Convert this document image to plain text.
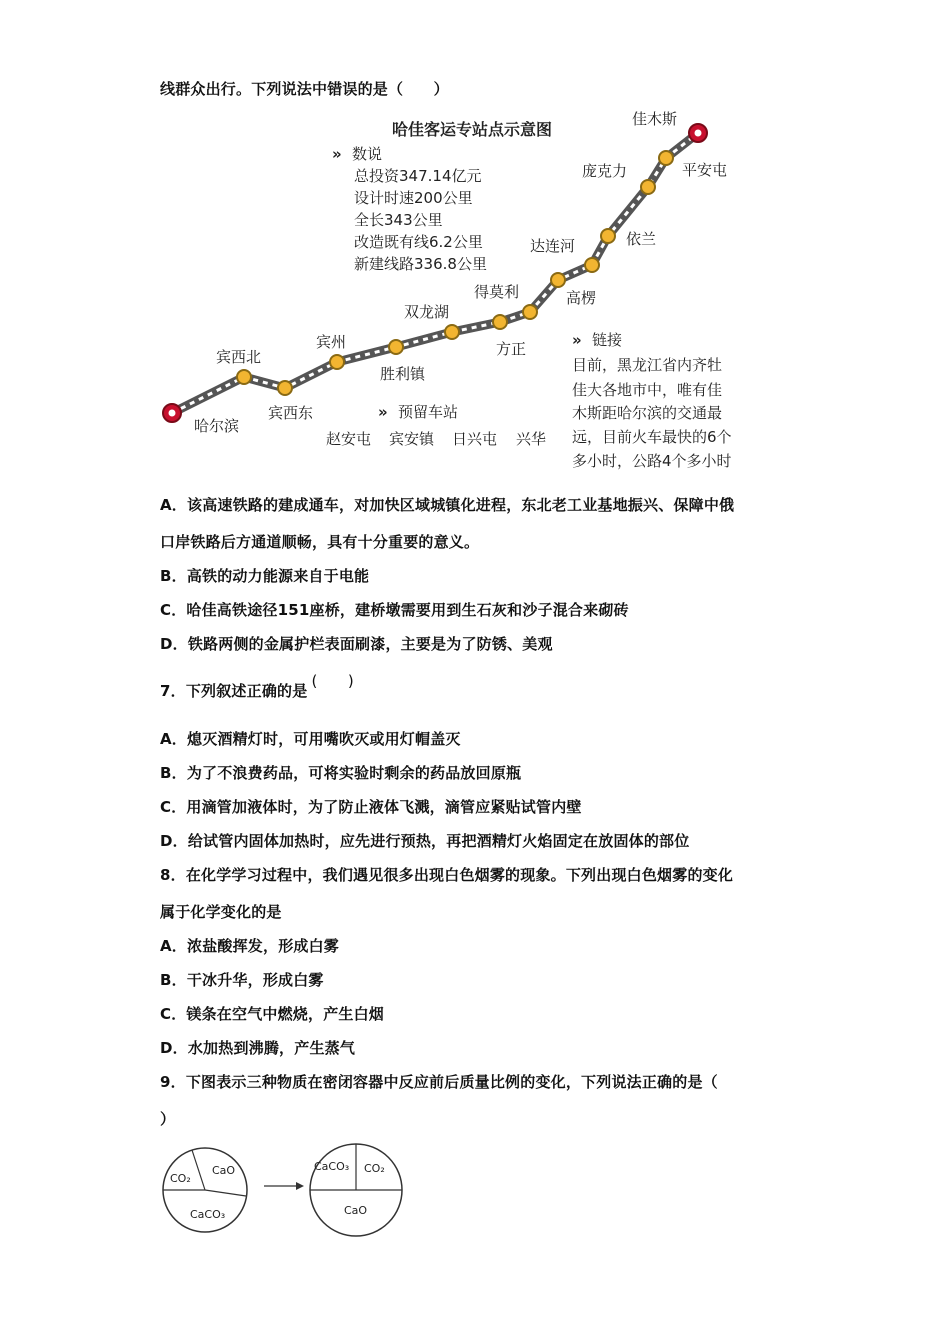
线群众出行。下列说法中错误的是（　　）
哈佳客运专站点示意图
» 数说
总投资347.14亿元
设计时速200公里
全长343公里
改造既有线6.2公里
新建线路336.8公里
哈尔滨
宾西北
宾西东
宾州
胜利镇
双龙湖
方正
得莫利
达连河
高楞
依兰
庞克力	平安屯
佳木斯
» 预留车站
赵安屯 宾安镇 日兴屯 兴华
» 链接
目前，黑龙江省内齐牡
佳大各地市中，唯有佳
木斯距哈尔滨的交通最
远，目前火车最快的6个
多小时，公路4个多小时
A．该高速铁路的建成通车，对加快区域城镇化进程，东北老工业基地振兴、保障中俄
口岸铁路后方通道顺畅，具有十分重要的意义。
B．高铁的动力能源来自于电能
C．哈佳高铁途径151座桥，建桥墩需要用到生石灰和沙子混合来砌砖
D．铁路两侧的金属护栏表面刷漆，主要是为了防锈、美观
7．下列叙述正确的是(　　)
A．熄灭酒精灯时，可用嘴吹灭或用灯帽盖灭
B．为了不浪费药品，可将实验时剩余的药品放回原瓶
C．用滴管加液体时，为了防止液体飞溅，滴管应紧贴试管内壁
D．给试管内固体加热时，应先进行预热，再把酒精灯火焰固定在放固体的部位
8．在化学学习过程中，我们遇见很多出现白色烟雾的现象。下列出现白色烟雾的变化
属于化学变化的是
A．浓盐酸挥发，形成白雾
B．干冰升华，形成白雾
C．镁条在空气中燃烧，产生白烟
D．水加热到沸腾，产生蒸气
9．下图表示三种物质在密闭容器中反应前后质量比例的变化，下列说法正确的是（
）
CO₂
CaO
CaCO₃
CaCO₃ CO₂
CaO
